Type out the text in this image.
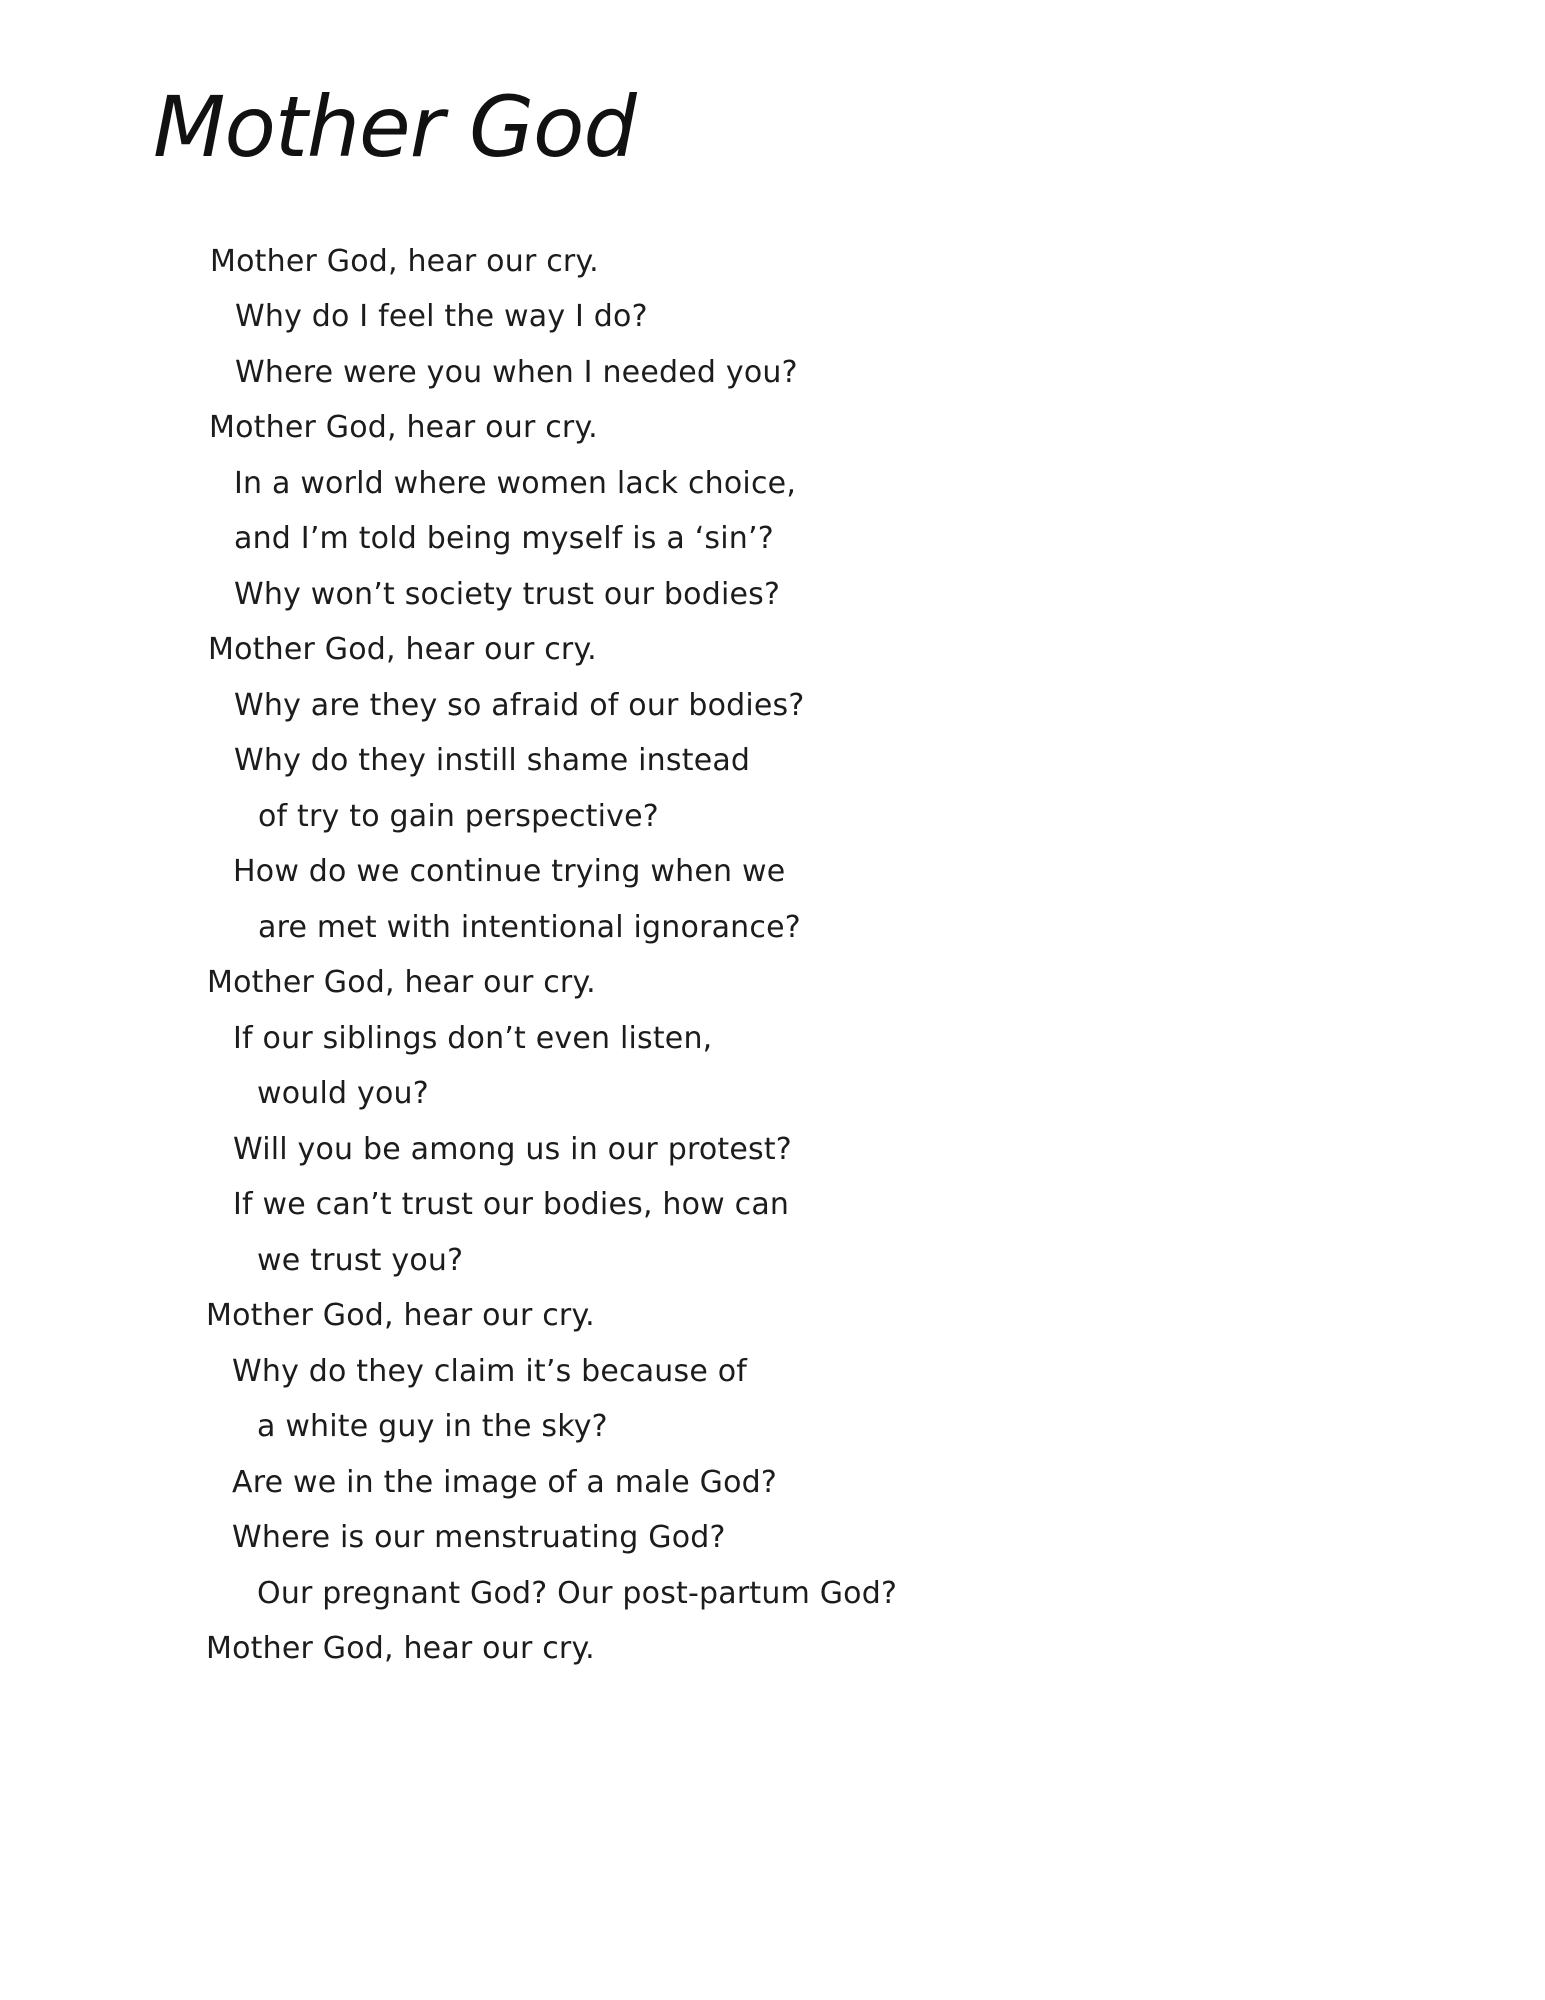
Mother God
Mother God, hear our cry.
Why do I feel the way I do?
Where were you when I needed you?
Mother God, hear our cry.
In a world where women lack choice,
and I’m told being myself is a ‘sin’?
Why won’t society trust our bodies?
Mother God, hear our cry.
Why are they so afraid of our bodies?
Why do they instill shame instead
of try to gain perspective?
How do we continue trying when we
are met with intentional ignorance?
Mother God, hear our cry.
If our siblings don’t even listen,
would you?
Will you be among us in our protest?
If we can’t trust our bodies, how can
we trust you?
Mother God, hear our cry.
Why do they claim it’s because of
a white guy in the sky?
Are we in the image of a male God?
Where is our menstruating God?
Our pregnant God? Our post-partum God?
Mother God, hear our cry.
